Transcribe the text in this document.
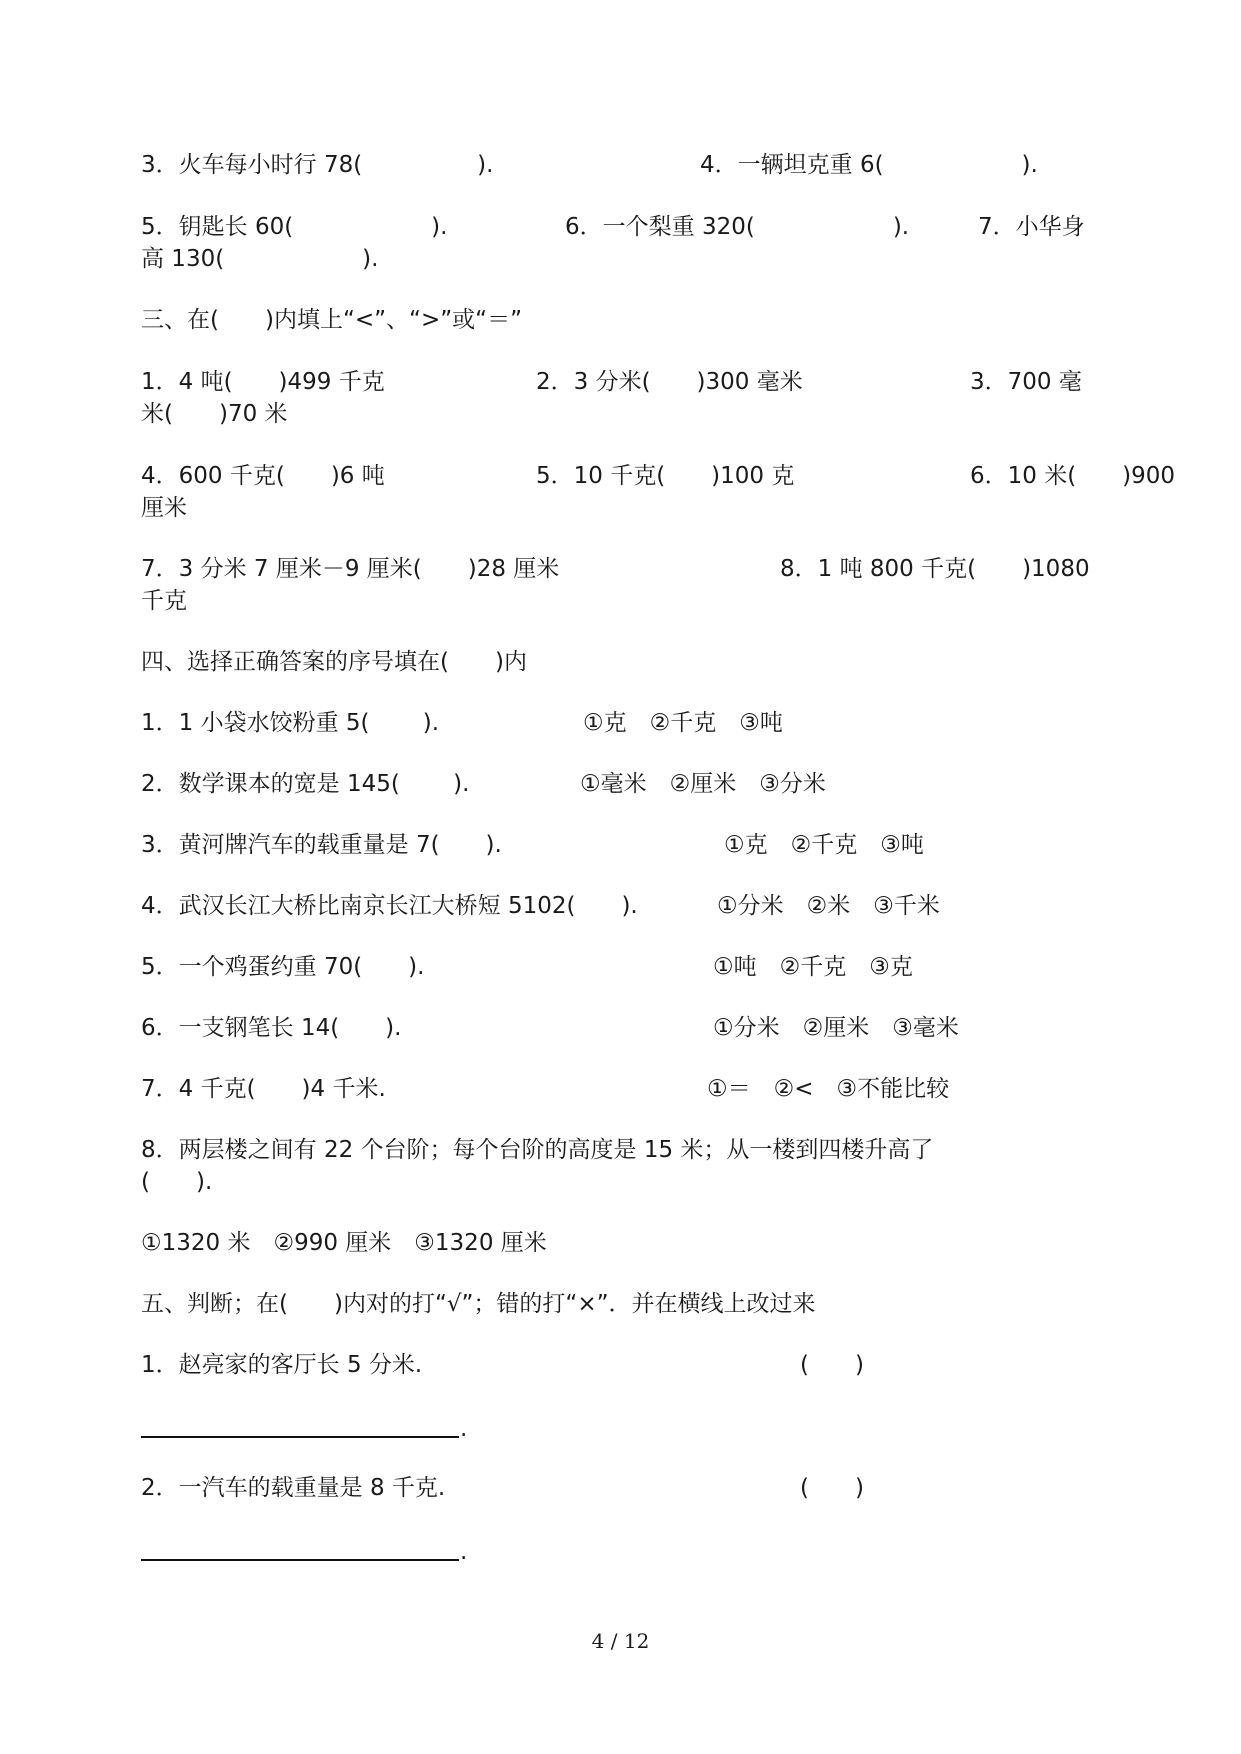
3．火车每小时行 78(　　　　　).	4．一辆坦克重 6(　　　　　　).
5．钥匙长 60(　　　　　　).	6．一个梨重 320(　　　　　　).	7．小华身
高 130(　　　　　　).
三、在(　　)内填上“<”、“>”或“＝”
1．4 吨(　　)499 千克	2．3 分米(　　)300 毫米	3．700 毫
米(　　)70 米
4．600 千克(　　)6 吨	5．10 千克(　　)100 克	6．10 米(　　)900
厘米
7．3 分米 7 厘米－9 厘米(　　)28 厘米	8．1 吨 800 千克(　　)1080
千克
四、选择正确答案的序号填在(　　)内
1．1 小袋水饺粉重 5(　　 ).	①克　②千克　③吨
2．数学课本的宽是 145(　　 ).	①毫米　②厘米　③分米
3．黄河牌汽车的载重量是 7(　　).	①克　②千克　③吨
4．武汉长江大桥比南京长江大桥短 5102(　　).	①分米　②米　③千米
5．一个鸡蛋约重 70(　　).	①吨　②千克　③克
6．一支钢笔长 14(　　).	①分米　②厘米　③毫米
7．4 千克(　　)4 千米.	①＝　②<　③不能比较
8．两层楼之间有 22 个台阶；每个台阶的高度是 15 米；从一楼到四楼升高了
(　　).
①1320 米　②990 厘米　③1320 厘米
五、判断；在(　　)内对的打“√”；错的打“×”．并在横线上改过来
1．赵亮家的客厅长 5 分米.	(　　)
.
2．一汽车的载重量是 8 千克.	(　　)
.
4 / 12
